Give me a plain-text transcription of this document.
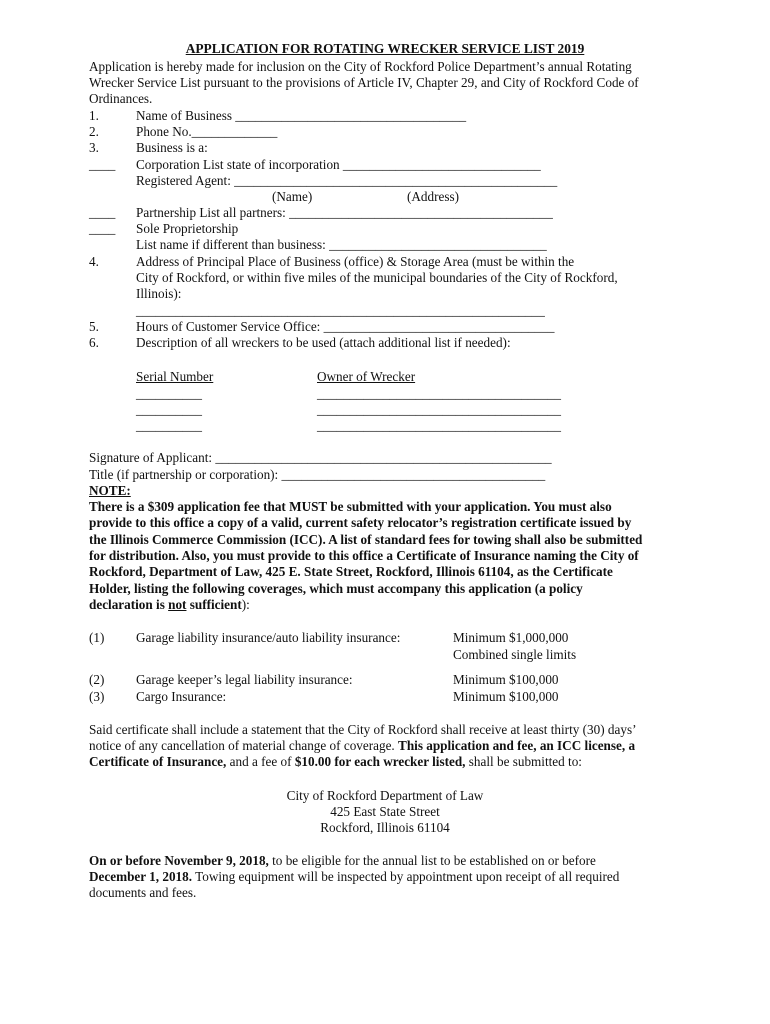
APPLICATION FOR ROTATING WRECKER SERVICE LIST 2019
Application is hereby made for inclusion on the City of Rockford Police Department’s annual Rotating
Wrecker Service List pursuant to the provisions of Article IV, Chapter 29, and City of Rockford Code of
Ordinances.
1.	Name of Business ___________________________________
2.	Phone No._____________
3.	Business is a:
____ Corporation List state of incorporation ______________________________
Registered Agent: _________________________________________________
(Name)	(Address)
____ Partnership List all partners: ________________________________________
____ Sole Proprietorship
List name if different than business: _________________________________
4.	Address of Principal Place of Business (office) & Storage Area (must be within the
City of Rockford, or within five miles of the municipal boundaries of the City of Rockford,
Illinois):
______________________________________________________________
5.	Hours of Customer Service Office: ___________________________________
6.	Description of all wreckers to be used (attach additional list if needed):
Serial Number	Owner of Wrecker
__________	_____________________________________
__________	_____________________________________
__________	_____________________________________
Signature of Applicant: ___________________________________________________
Title (if partnership or corporation): ________________________________________
NOTE:
There is a $309 application fee that MUST be submitted with your application. You must also
provide to this office a copy of a valid, current safety relocator’s registration certificate issued by
the Illinois Commerce Commission (ICC). A list of standard fees for towing shall also be submitted
for distribution. Also, you must provide to this office a Certificate of Insurance naming the City of
Rockford, Department of Law, 425 E. State Street, Rockford, Illinois 61104, as the Certificate
Holder, listing the following coverages, which must accompany this application (a policy
declaration is not sufficient):
(1) Garage liability insurance/auto liability insurance:	Minimum $1,000,000
Combined single limits
(2) Garage keeper’s legal liability insurance:	Minimum $100,000
(3) Cargo Insurance:	Minimum $100,000
Said certificate shall include a statement that the City of Rockford shall receive at least thirty (30) days’
notice of any cancellation of material change of coverage. This application and fee, an ICC license, a
Certificate of Insurance, and a fee of $10.00 for each wrecker listed, shall be submitted to:
City of Rockford Department of Law
425 East State Street
Rockford, Illinois 61104
On or before November 9, 2018, to be eligible for the annual list to be established on or before
December 1, 2018. Towing equipment will be inspected by appointment upon receipt of all required
documents and fees.
